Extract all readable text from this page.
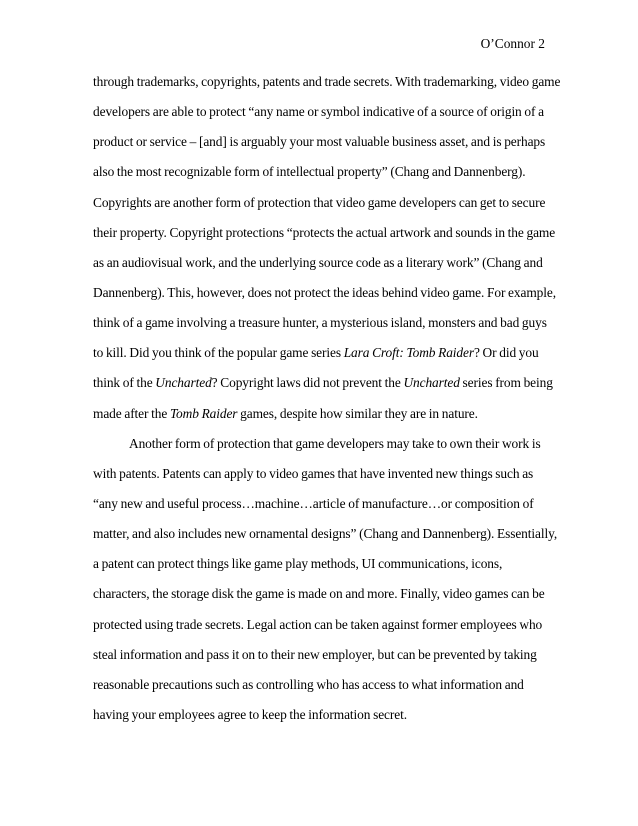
O’Connor 2
through trademarks, copyrights, patents and trade secrets. With trademarking, video game
developers are able to protect “any name or symbol indicative of a source of origin of a
product or service – [and] is arguably your most valuable business asset, and is perhaps
also the most recognizable form of intellectual property” (Chang and Dannenberg).
Copyrights are another form of protection that video game developers can get to secure
their property. Copyright protections “protects the actual artwork and sounds in the game
as an audiovisual work, and the underlying source code as a literary work” (Chang and
Dannenberg). This, however, does not protect the ideas behind video game. For example,
think of a game involving a treasure hunter, a mysterious island, monsters and bad guys
to kill. Did you think of the popular game series Lara Croft: Tomb Raider? Or did you
think of the Uncharted? Copyright laws did not prevent the Uncharted series from being
made after the Tomb Raider games, despite how similar they are in nature.
Another form of protection that game developers may take to own their work is
with patents. Patents can apply to video games that have invented new things such as
“any new and useful process…machine…article of manufacture…or composition of
matter, and also includes new ornamental designs” (Chang and Dannenberg). Essentially,
a patent can protect things like game play methods, UI communications, icons,
characters, the storage disk the game is made on and more. Finally, video games can be
protected using trade secrets. Legal action can be taken against former employees who
steal information and pass it on to their new employer, but can be prevented by taking
reasonable precautions such as controlling who has access to what information and
having your employees agree to keep the information secret.
